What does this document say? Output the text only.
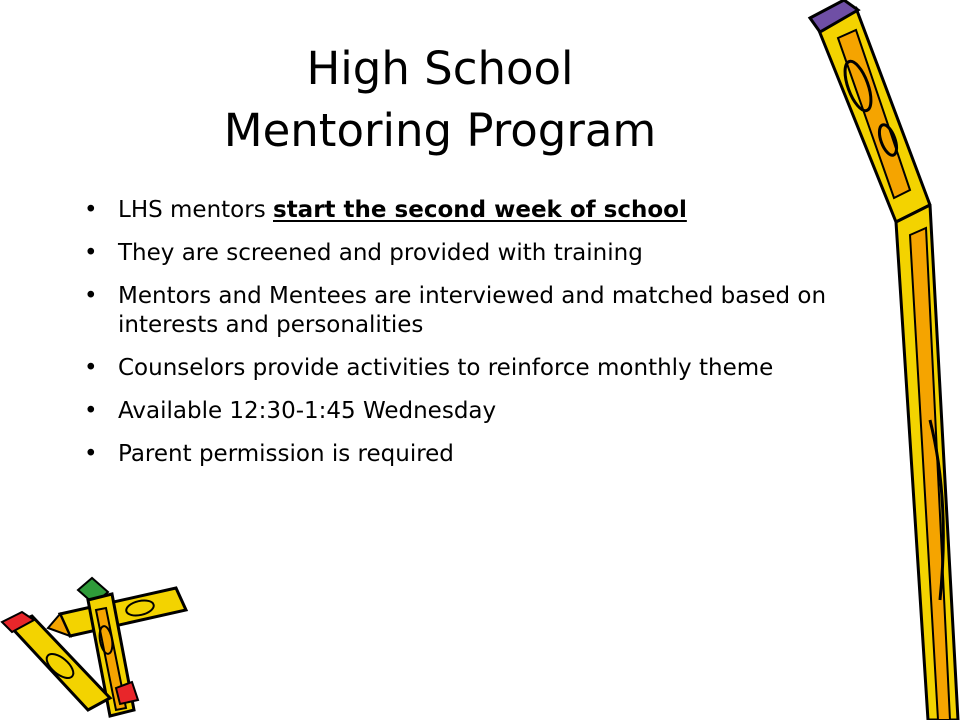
High School
Mentoring Program
• LHS mentors start the second week of school
• They are screened and provided with training
• Mentors and Mentees are interviewed and matched based on interests and personalities
• Counselors provide activities to reinforce monthly theme
• Available 12:30-1:45 Wednesday
• Parent permission is required
